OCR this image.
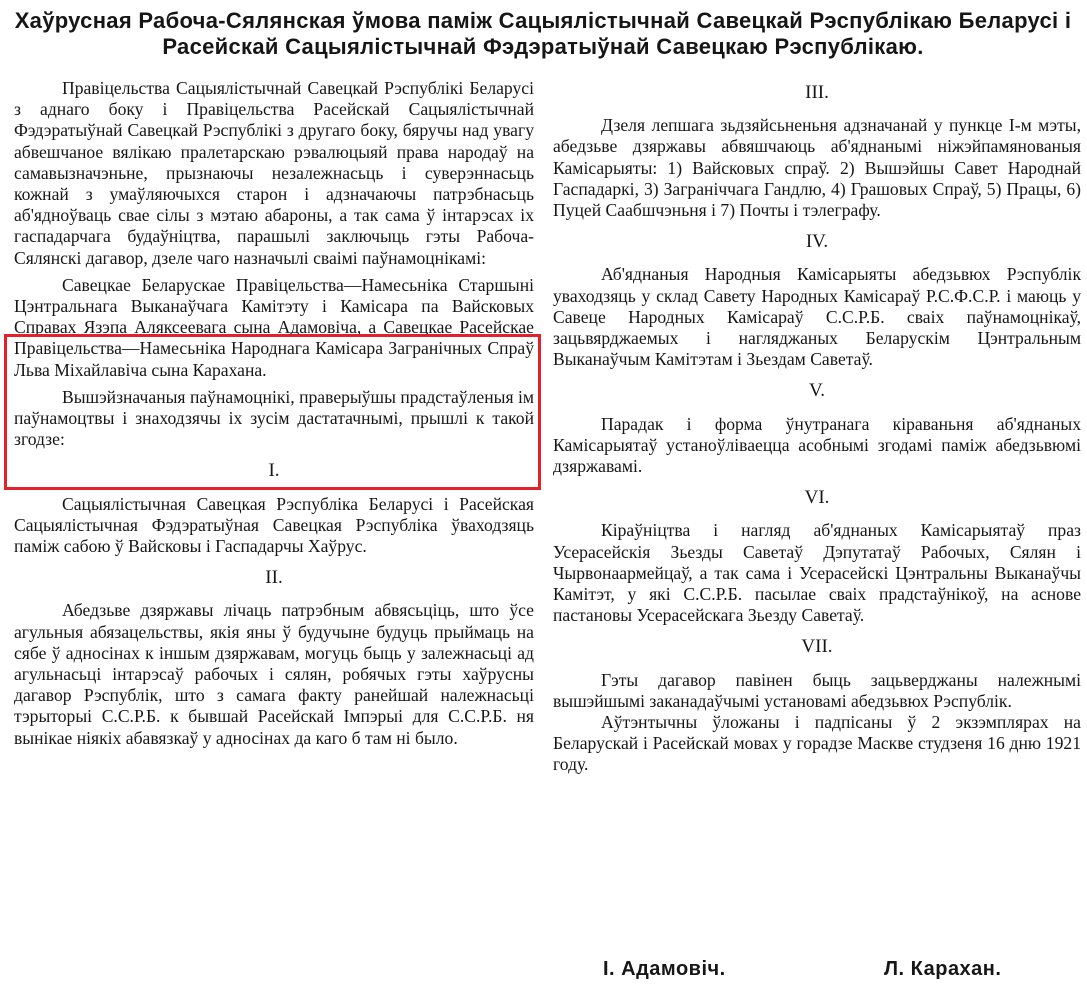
Хаўрусная Рабоча-Сялянская ўмова паміж Сацыялістычнай Савецкай Рэспублікаю Беларусі і
Расейскай Сацыялістычнай Фэдэратыўнай Савецкаю Рэспублікаю.

Правіцельства Сацыялістычнай Савецкай Рэспублікі Беларусі з аднаго боку і Правіцельства Расейскай Сацыялістычнай Фэдэратыўнай Савецкай Рэспублікі з другаго боку, бяручы над увагу абвешчаное вялікаю пралетарскаю рэвалюцыяй права народаў на самавызначэньне, прызнаючы незалежнасьць і суверэннасьць кожнай з умаўляючыхся старон і адзначаючы патрэбнасьць аб'ядноўваць свае сілы з мэтаю абароны, а так сама ў інтарэсах іх гаспадарчага будаўніцтва, парашылі заключыць гэты Рабоча-Сялянскі дагавор, дзеле чаго назначылі сваімі паўнамоцнікамі:

Савецкае Беларускае Правіцельства—Намесьніка Старшыні Цэнтральнага Выканаўчага Камітэту і Камісара па Вайсковых Справах Язэпа Аляксеевага сына Адамовіча, а Савецкае Расейскае Правіцельства—Намесьніка Народнага Камісара Загранічных Спраў Льва Міхайлавіча сына Карахана.

Вышэйзначаныя паўнамоцнікі, праверыўшы прадстаўленыя ім паўнамоцтвы і знаходзячы іх зусім дастатачнымі, прышлі к такой згодзе:

I.

Сацыялістычная Савецкая Рэспубліка Беларусі і Расейская Сацыялістычная Фэдэратыўная Савецкая Рэспубліка ўваходзяць паміж сабою ў Вайсковы і Гаспадарчы Хаўрус.

II.

Абедзьве дзяржавы лічаць патрэбным абвясьціць, што ўсе агульныя абязацельствы, якія яны ў будучыне будуць прыймаць на сябе ў адносінах к іншым дзяржавам, могуць быць у залежнасьці ад агульнасьці інтарэсаў рабочых і сялян, робячых гэты хаўрусны дагавор Рэспублік, што з самага факту ранейшай належнасьці тэрыторыі С.С.Р.Б. к бывшай Расейскай Імпэрыі для С.С.Р.Б. ня вынікае ніякіх абавязкаў у адносінах да каго б там ні было.

III.

Дзеля лепшага зьдзяйсьненьня адзначанай у пункце I-м мэты, абедзьве дзяржавы абвяшчаюць аб'яднанымі ніжэйпамянованыя Камісарыяты: 1) Вайсковых спраў. 2) Вышэйшы Савет Народнай Гаспадаркі, 3) Заграніччага Гандлю, 4) Грашовых Спраў, 5) Працы, 6) Пуцей Саабшчэньня і 7) Почты і тэлеграфу.

IV.

Аб'яднаныя Народныя Камісарыяты абедзьвюх Рэспублік уваходзяць у склад Савету Народных Камісараў Р.С.Ф.С.Р. і маюць у Савеце Народных Камісараў С.С.Р.Б. сваіх паўнамоцнікаў, зацьвярджаемых і нагляджаных Беларускім Цэнтральным Выканаўчым Камітэтам і Зьездам Саветаў.

V.

Парадак і форма ўнутранага кіраваньня аб'яднаных Камісарыятаў устаноўліваецца асобнымі згодамі паміж абедзьвюмі дзяржавамі.

VI.

Кіраўніцтва і нагляд аб'яднаных Камісарыятаў праз Усерасейскія Зьезды Саветаў Дэпутатаў Рабочых, Сялян і Чырвонаармейцаў, а так сама і Усерасейскі Цэнтральны Выканаўчы Камітэт, у які С.С.Р.Б. пасылае сваіх прадстаўнікоў, на аснове пастановы Усерасейскага Зьезду Саветаў.

VII.

Гэты дагавор павінен быць зацьверджаны належнымі вышэйшымі заканадаўчымі установамі абедзьвюх Рэспублік.

Аўтэнтычны ўложаны і падпісаны ў 2 экзэмплярах на Беларускай і Расейскай мовах у горадзе Маскве студзеня 16 дню 1921 году.

І. Адамовіч.	Л. Карахан.
